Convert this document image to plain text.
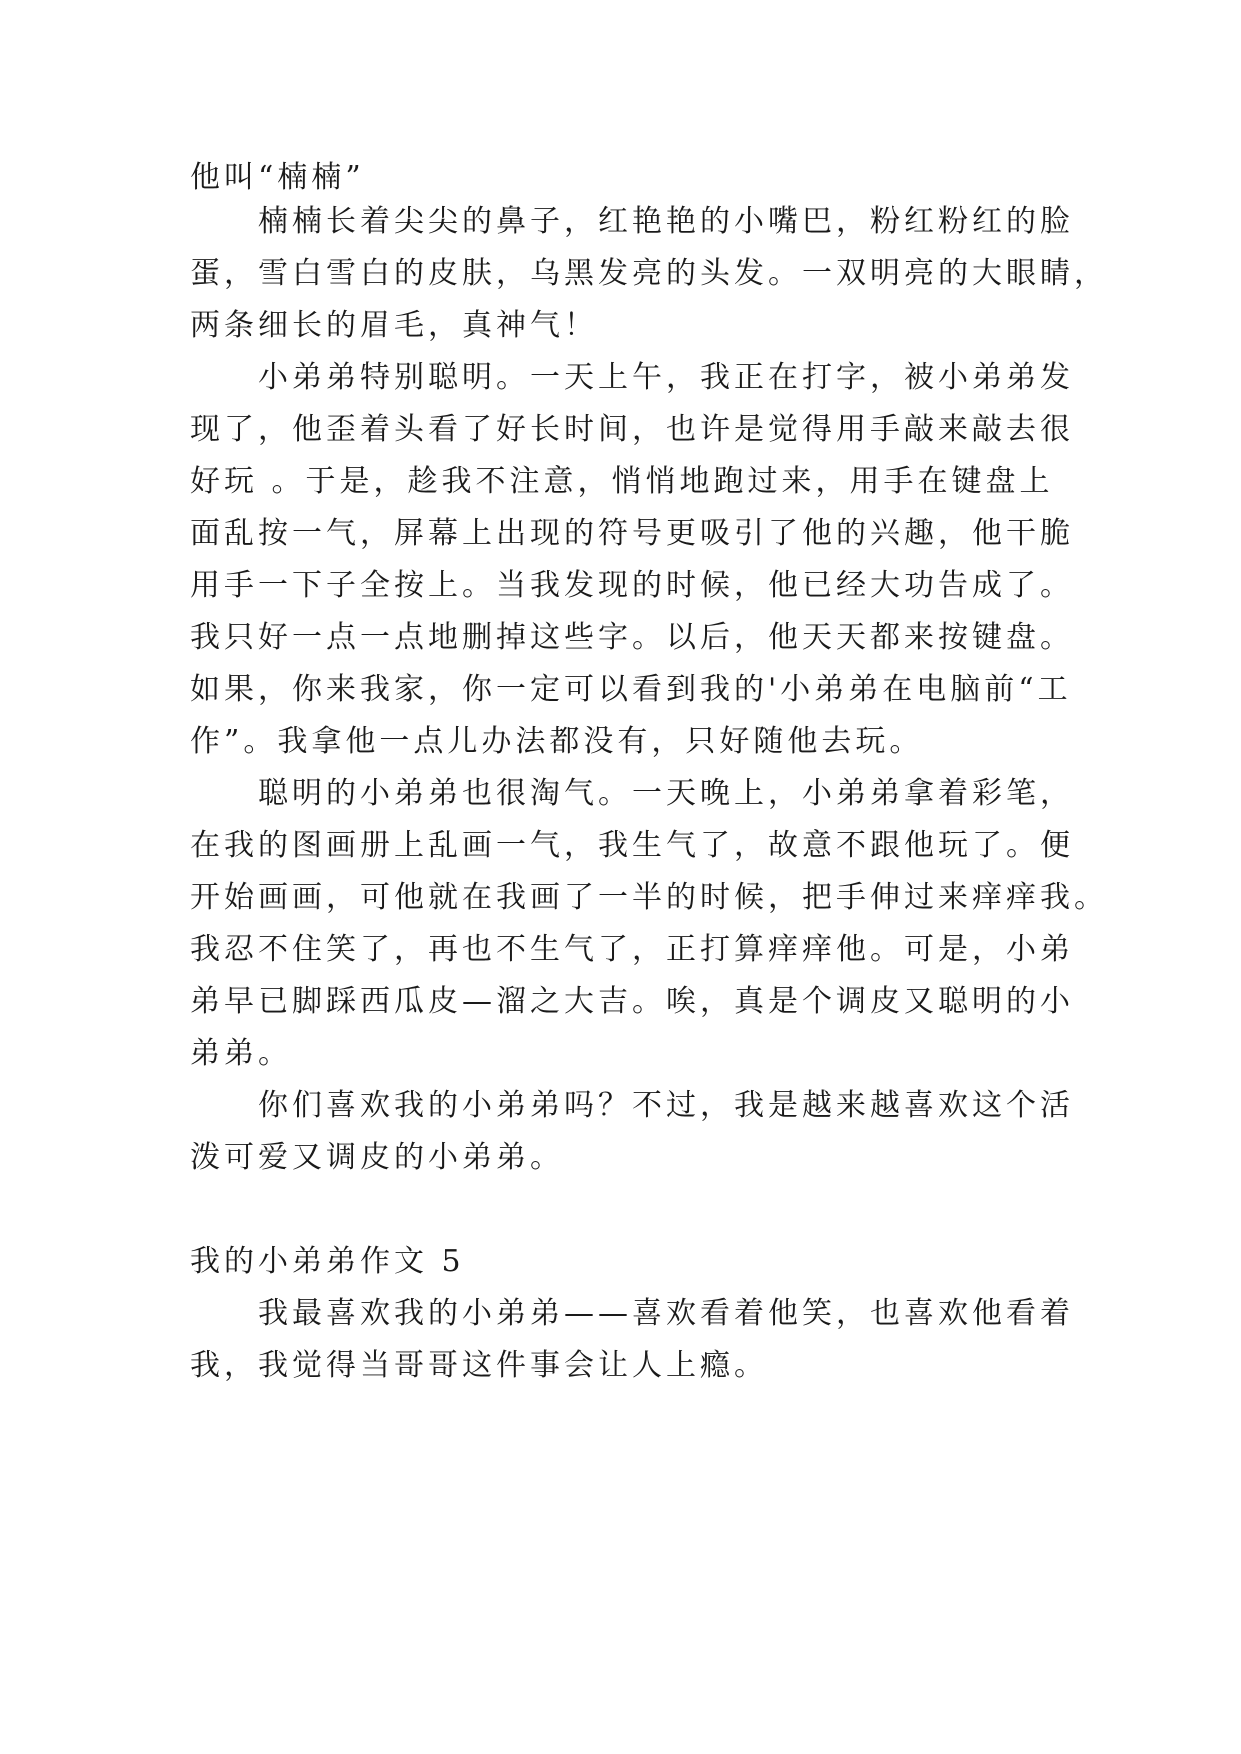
他叫“楠楠”
楠楠长着尖尖的鼻子，红艳艳的小嘴巴，粉红粉红的脸
蛋，雪白雪白的皮肤，乌黑发亮的头发。一双明亮的大眼睛，
两条细长的眉毛，真神气！
小弟弟特别聪明。一天上午，我正在打字，被小弟弟发
现了，他歪着头看了好长时间，也许是觉得用手敲来敲去很
好玩 。于是，趁我不注意，悄悄地跑过来，用手在键盘上
面乱按一气，屏幕上出现的符号更吸引了他的兴趣，他干脆
用手一下子全按上。当我发现的时候，他已经大功告成了。
我只好一点一点地删掉这些字。以后，他天天都来按键盘。
如果，你来我家，你一定可以看到我的'小弟弟在电脑前“工
作”。我拿他一点儿办法都没有，只好随他去玩。
聪明的小弟弟也很淘气。一天晚上，小弟弟拿着彩笔，
在我的图画册上乱画一气，我生气了，故意不跟他玩了。便
开始画画，可他就在我画了一半的时候，把手伸过来痒痒我。
我忍不住笑了，再也不生气了，正打算痒痒他。可是，小弟
弟早已脚踩西瓜皮—溜之大吉。唉，真是个调皮又聪明的小
弟弟。
你们喜欢我的小弟弟吗？不过，我是越来越喜欢这个活
泼可爱又调皮的小弟弟。
我的小弟弟作文 5
我最喜欢我的小弟弟——喜欢看着他笑，也喜欢他看着
我，我觉得当哥哥这件事会让人上瘾。
